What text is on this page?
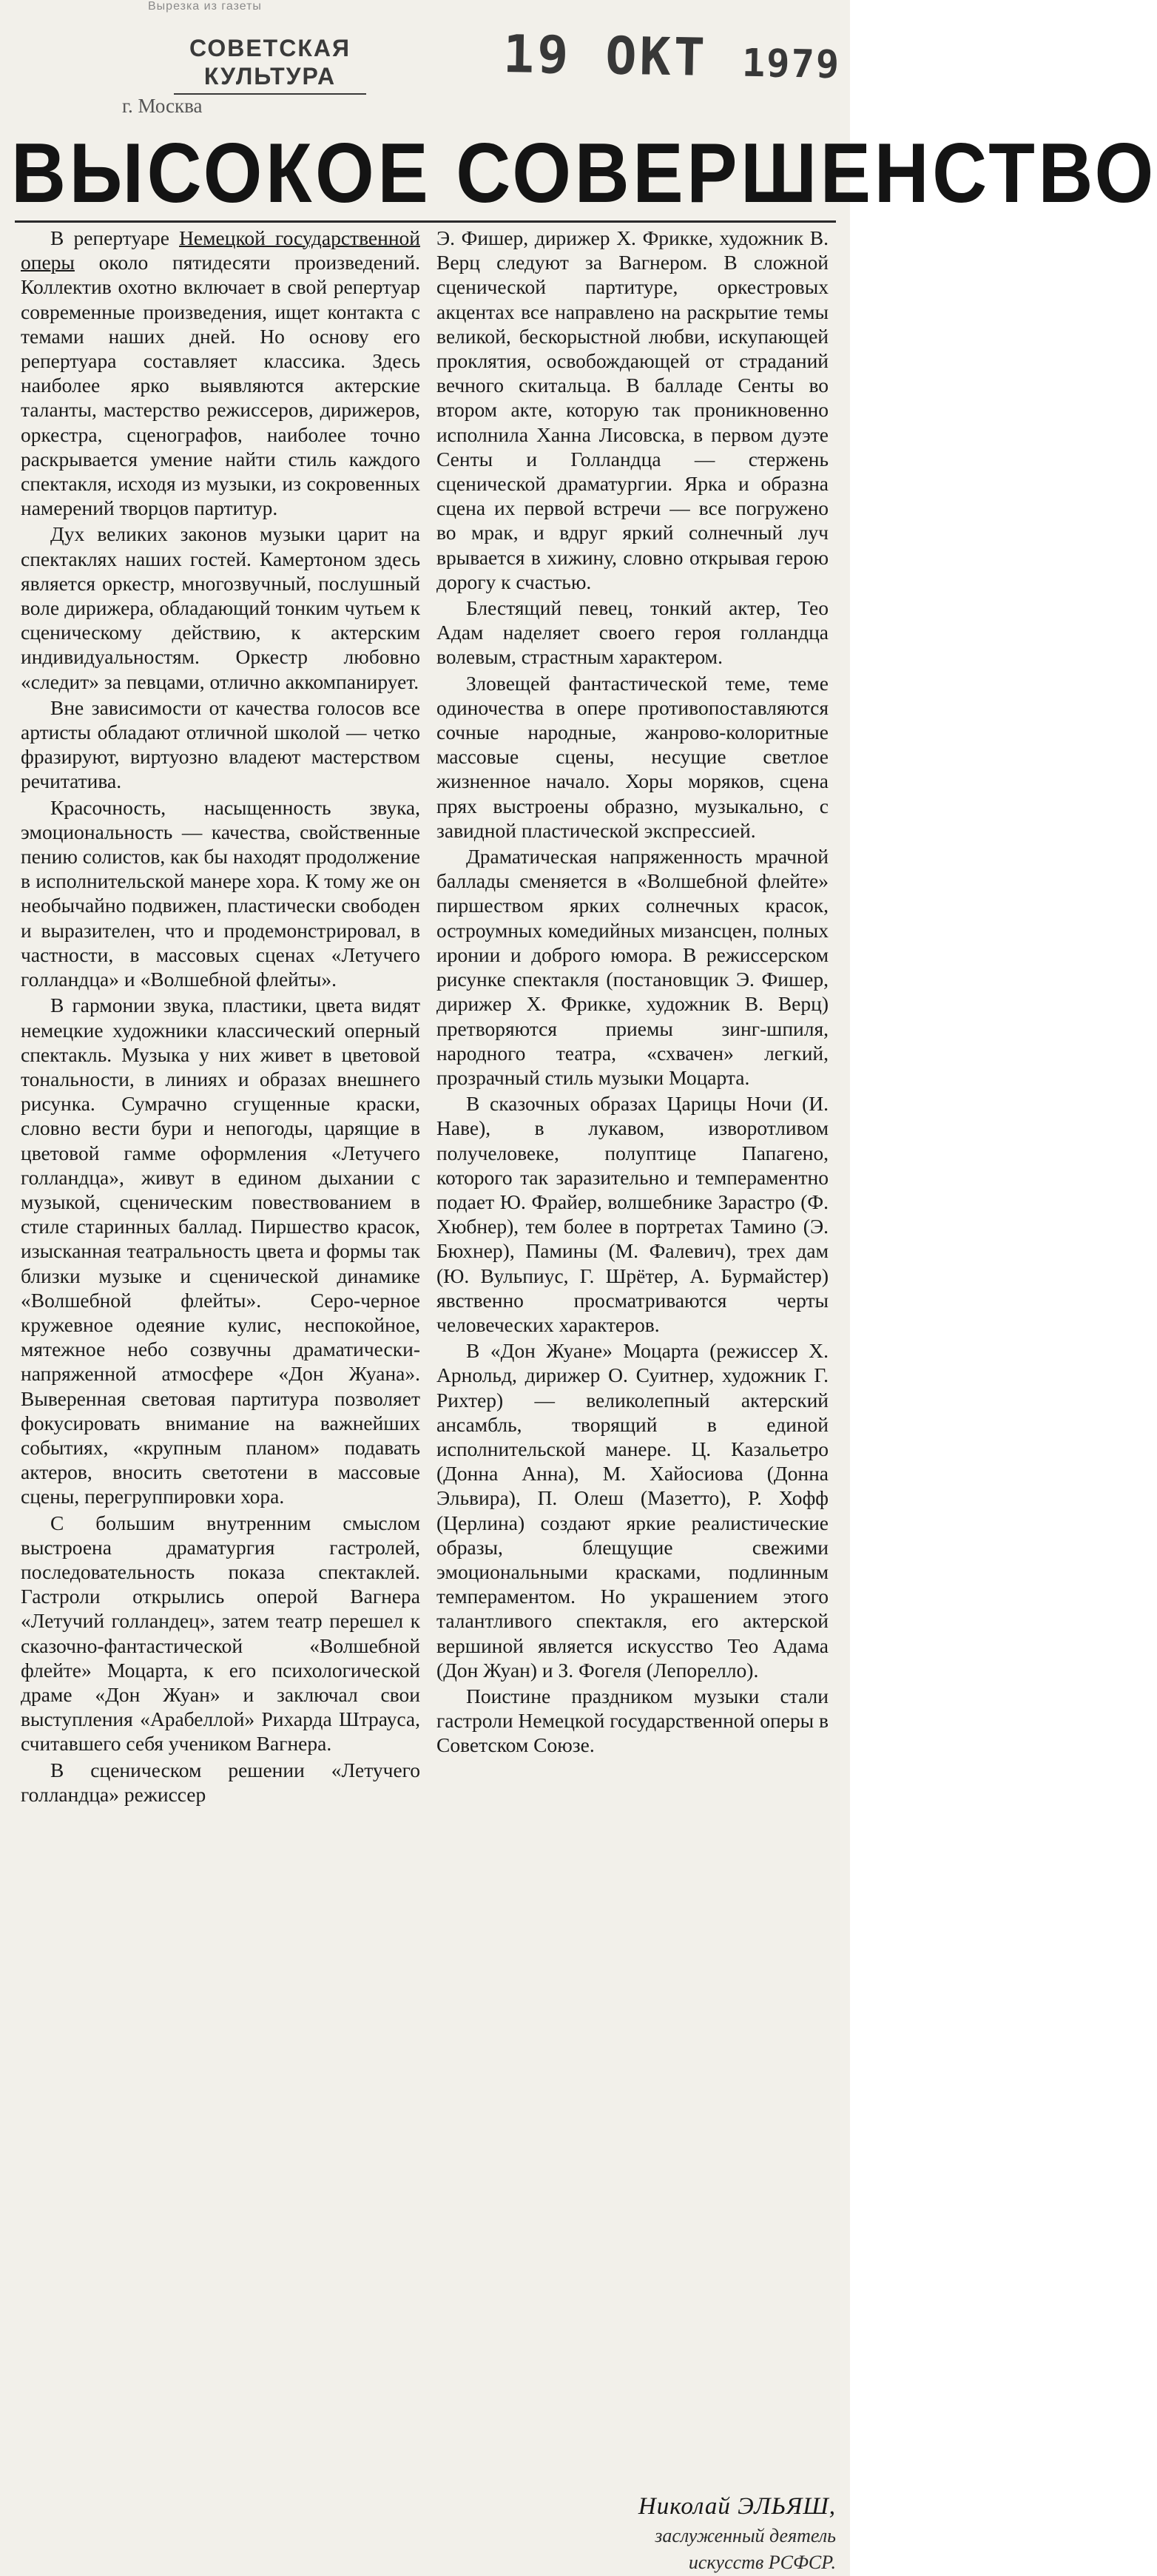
Вырезка из газеты
СОВЕТСКАЯ
КУЛЬТУРА
г. Москва
19 ОКТ 1979
ВЫСОКОЕ СОВЕРШЕНСТВО

В репертуаре Немецкой государственной оперы около пятидесяти произведений. Коллектив охотно включает в свой репертуар современные произведения, ищет контакта с темами наших дней. Но основу его репертуара составляет классика. Здесь наиболее ярко выявляются актерские таланты, мастерство режиссеров, дирижеров, оркестра, сценографов, наиболее точно раскрывается умение найти стиль каждого спектакля, исходя из музыки, из сокровенных намерений творцов партитур.

Дух великих законов музыки царит на спектаклях наших гостей. Камертоном здесь является оркестр, многозвучный, послушный воле дирижера, обладающий тонким чутьем к сценическому действию, к актерским индивидуальностям. Оркестр любовно «следит» за певцами, отлично аккомпанирует.

Вне зависимости от качества голосов все артисты обладают отличной школой — четко фразируют, виртуозно владеют мастерством речитатива.

Красочность, насыщенность звука, эмоциональность — качества, свойственные пению солистов, как бы находят продолжение в исполнительской манере хора. К тому же он необычайно подвижен, пластически свободен и выразителен, что и продемонстрировал, в частности, в массовых сценах «Летучего голландца» и «Волшебной флейты».

В гармонии звука, пластики, цвета видят немецкие художники классический оперный спектакль. Музыка у них живет в цветовой тональности, в линиях и образах внешнего рисунка. Сумрачно сгущенные краски, словно вести бури и непогоды, царящие в цветовой гамме оформления «Летучего голландца», живут в едином дыхании с музыкой, сценическим повествованием в стиле старинных баллад. Пиршество красок, изысканная театральность цвета и формы так близки музыке и сценической динамике «Волшебной флейты». Серо-черное кружевное одеяние кулис, неспокойное, мятежное небо созвучны драматически-напряженной атмосфере «Дон Жуана». Выверенная световая партитура позволяет фокусировать внимание на важнейших событиях, «крупным планом» подавать актеров, вносить светотени в массовые сцены, перегруппировки хора.

С большим внутренним смыслом выстроена драматургия гастролей, последовательность показа спектаклей. Гастроли открылись оперой Вагнера «Летучий голландец», затем театр перешел к сказочно-фантастической «Волшебной флейте» Моцарта, к его психологической драме «Дон Жуан» и заключал свои выступления «Арабеллой» Рихарда Штрауса, считавшего себя учеником Вагнера.

В сценическом решении «Летучего голландца» режиссер

Э. Фишер, дирижер Х. Фрикке, художник В. Верц следуют за Вагнером. В сложной сценической партитуре, оркестровых акцентах все направлено на раскрытие темы великой, бескорыстной любви, искупающей проклятия, освобождающей от страданий вечного скитальца. В балладе Сенты во втором акте, которую так проникновенно исполнила Ханна Лисовска, в первом дуэте Сенты и Голландца — стержень сценической драматургии. Ярка и образна сцена их первой встречи — все погружено во мрак, и вдруг яркий солнечный луч врывается в хижину, словно открывая герою дорогу к счастью.

Блестящий певец, тонкий актер, Тео Адам наделяет своего героя голландца волевым, страстным характером.

Зловещей фантастической теме, теме одиночества в опере противопоставляются сочные народные, жанрово-колоритные массовые сцены, несущие светлое жизненное начало. Хоры моряков, сцена прях выстроены образно, музыкально, с завидной пластической экспрессией.

Драматическая напряженность мрачной баллады сменяется в «Волшебной флейте» пиршеством ярких солнечных красок, остроумных комедийных мизансцен, полных иронии и доброго юмора. В режиссерском рисунке спектакля (постановщик Э. Фишер, дирижер Х. Фрикке, художник В. Верц) претворяются приемы зинг-шпиля, народного театра, «схвачен» легкий, прозрачный стиль музыки Моцарта.

В сказочных образах Царицы Ночи (И. Наве), в лукавом, изворотливом получеловеке, полуптице Папагено, которого так заразительно и темпераментно подает Ю. Фрайер, волшебнике Зарастро (Ф. Хюбнер), тем более в портретах Тамино (Э. Бюхнер), Памины (М. Фалевич), трех дам (Ю. Вульпиус, Г. Шрётер, А. Бурмайстер) явственно просматриваются черты человеческих характеров.

В «Дон Жуане» Моцарта (режиссер Х. Арнольд, дирижер О. Суитнер, художник Г. Рихтер) — великолепный актерский ансамбль, творящий в единой исполнительской манере. Ц. Казальетро (Донна Анна), М. Хайосиова (Донна Эльвира), П. Олеш (Мазетто), Р. Хофф (Церлина) создают яркие реалистические образы, блещущие свежими эмоциональными красками, подлинным темпераментом. Но украшением этого талантливого спектакля, его актерской вершиной является искусство Тео Адама (Дон Жуан) и З. Фогеля (Лепорелло).

Поистине праздником музыки стали гастроли Немецкой государственной оперы в Советском Союзе.

Николай ЭЛЬЯШ,
заслуженный деятель
искусств РСФСР.
